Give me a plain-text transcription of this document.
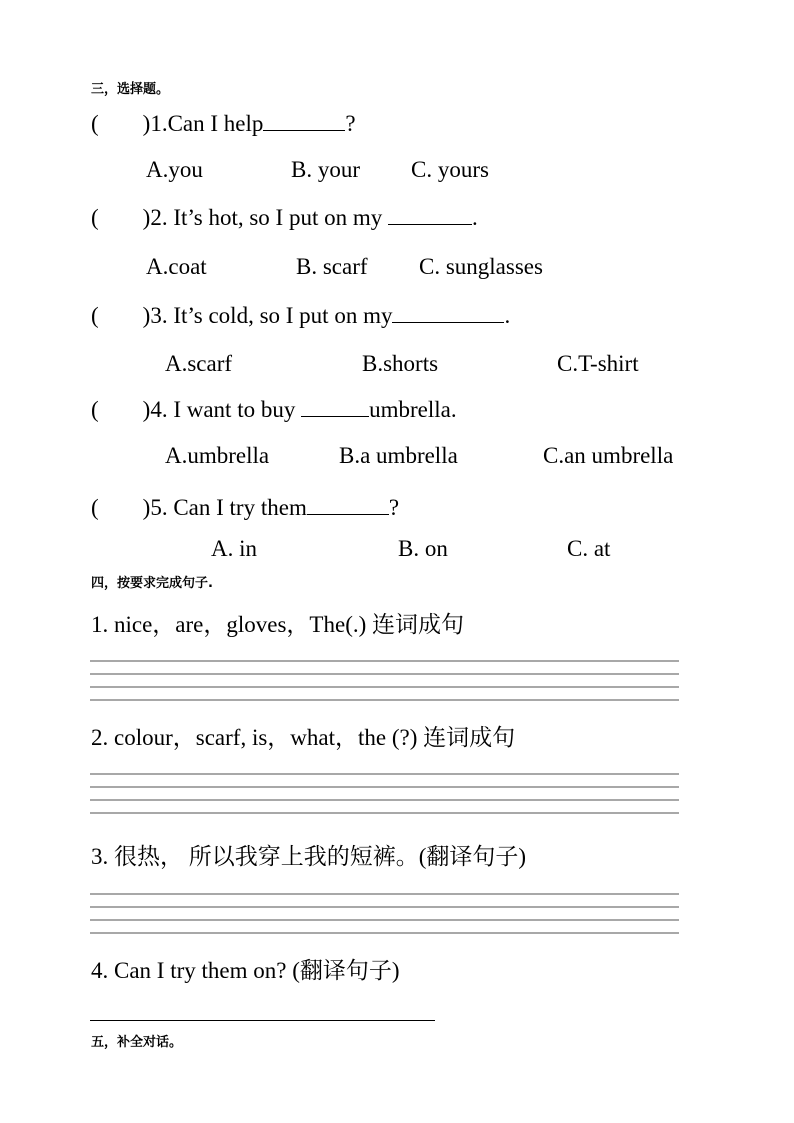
三，选择题。
( )1.Can I help	?
A.you	B. your C. yours
( )2. It’s hot, so I put on my	.
A.coat	B. scarf C. sunglasses
( )3. It’s cold, so I put on my	.
A.scarf	B.shorts	C.T-shirt
( )4. I want to buy	umbrella.
A.umbrella	B.a umbrella	C.an umbrella
( )5. Can I try them	?
A. in	B. on	C. at
四，按要求完成句子.
1. nice，are，gloves，The(.) 连词成句
2. colour，scarf, is，what，the (?) 连词成句
3. 很热， 所以我穿上我的短裤。(翻译句子)
4. Can I try them on? (翻译句子)
五，补全对话。
